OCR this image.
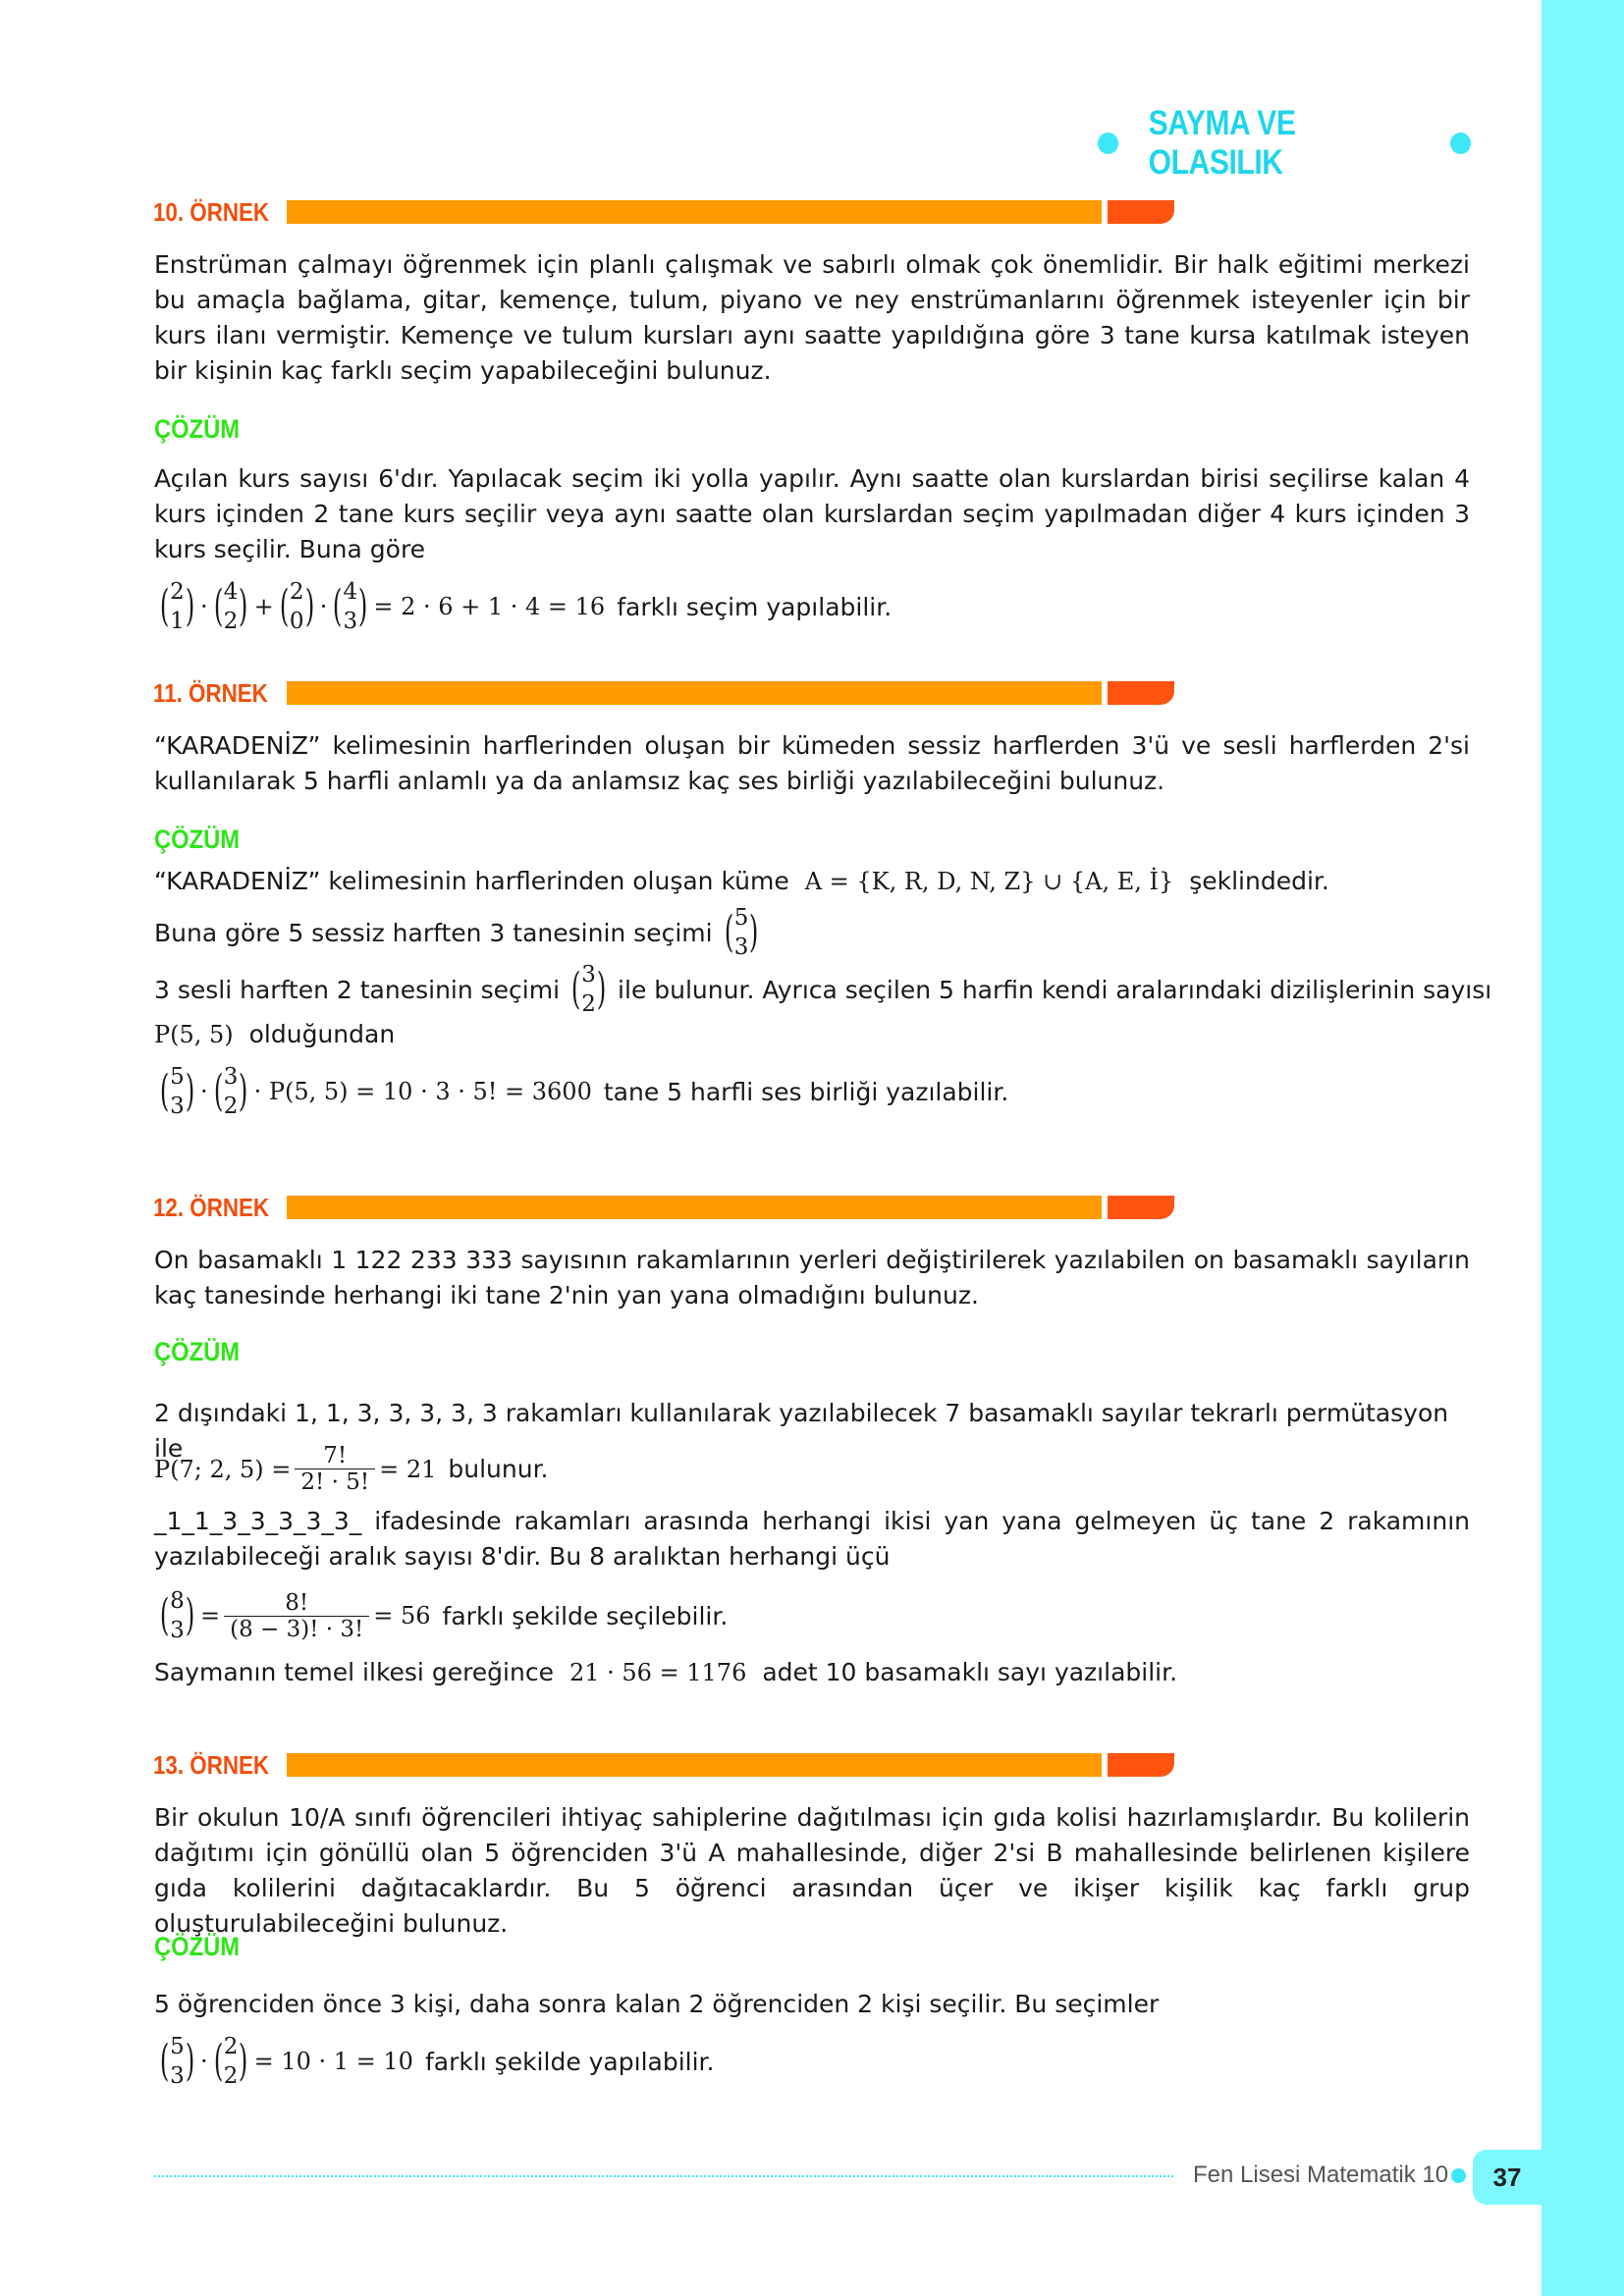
SAYMA VE OLASILIK
10. ÖRNEK

Enstrüman çalmayı öğrenmek için planlı çalışmak ve sabırlı olmak çok önemlidir. Bir halk eğitimi merkezi bu amaçla bağlama, gitar, kemençe, tulum, piyano ve ney enstrümanlarını öğrenmek isteyenler için bir kurs ilanı vermiştir. Kemençe ve tulum kursları aynı saatte yapıldığına göre 3 tane kursa katılmak isteyen bir kişinin kaç farklı seçim yapabileceğini bulunuz.

ÇÖZÜM

Açılan kurs sayısı 6'dır. Yapılacak seçim iki yolla yapılır. Aynı saatte olan kurslardan birisi seçilirse kalan 4 kurs içinden 2 tane kurs seçilir veya aynı saatte olan kurslardan seçim yapılmadan diğer 4 kurs içinden 3 kurs seçilir. Buna göre

( 2
1 ) · ( 4
2 ) + ( 2
0 ) · ( 4
3 ) = 2 · 6 + 1 · 4 = 16 farklı seçim yapılabilir.
11. ÖRNEK

“KARADENİZ” kelimesinin harflerinden oluşan bir kümeden sessiz harflerden 3'ü ve sesli harflerden 2'si kullanılarak 5 harfli anlamlı ya da anlamsız kaç ses birliği yazılabileceğini bulunuz.

ÇÖZÜM
“KARADENİZ” kelimesinin harflerinden oluşan küme A = {K, R, D, N, Z} ∪ {A, E, İ} şeklindedir.
Buna göre 5 sessiz harften 3 tanesinin seçimi ( 5
3 )
3 sesli harften 2 tanesinin seçimi ( 3
2 ) ile bulunur. Ayrıca seçilen 5 harfin kendi aralarındaki dizilişlerinin sayısı
P(5, 5) olduğundan
( 5
3 ) · ( 3
2 ) · P(5, 5) = 10 · 3 · 5! = 3600 tane 5 harfli ses birliği yazılabilir.
12. ÖRNEK

On basamaklı 1 122 233 333 sayısının rakamlarının yerleri değiştirilerek yazılabilen on basamaklı sayıların kaç tanesinde herhangi iki tane 2'nin yan yana olmadığını bulunuz.

ÇÖZÜM

2 dışındaki 1, 1, 3, 3, 3, 3, 3 rakamları kullanılarak yazılabilecek 7 basamaklı sayılar tekrarlı permütasyon ile

P(7; 2, $5) = \frac{7!}{2! \cdot 5!} = 21$ bulunur.

_1_1_3_3_3_3_3_ ifadesinde rakamları arasında herhangi ikisi yan yana gelmeyen üç tane 2 rakamının yazılabileceği aralık sayısı 8'dir. Bu 8 aralıktan herhangi üçü

( 8
3 ) = $\frac{8!}{(8 - 3)! \cdot 3!} = 56$ farklı şekilde seçilebilir.
Saymanın temel ilkesi gereğince 21 · 56 = 1176 adet 10 basamaklı sayı yazılabilir.
13. ÖRNEK

Bir okulun 10/A sınıfı öğrencileri ihtiyaç sahiplerine dağıtılması için gıda kolisi hazırlamışlardır. Bu kolilerin dağıtımı için gönüllü olan 5 öğrenciden 3'ü A mahallesinde, diğer 2'si B mahallesinde belirlenen kişilere gıda kolilerini dağıtacaklardır. Bu 5 öğrenci arasından üçer ve ikişer kişilik kaç farklı grup oluşturulabileceğini bulunuz.

ÇÖZÜM

5 öğrenciden önce 3 kişi, daha sonra kalan 2 öğrenciden 2 kişi seçilir. Bu seçimler

( 5
3 ) · ( 2
2 ) = 10 · 1 = 10 farklı şekilde yapılabilir.
Fen Lisesi Matematik 10 37
